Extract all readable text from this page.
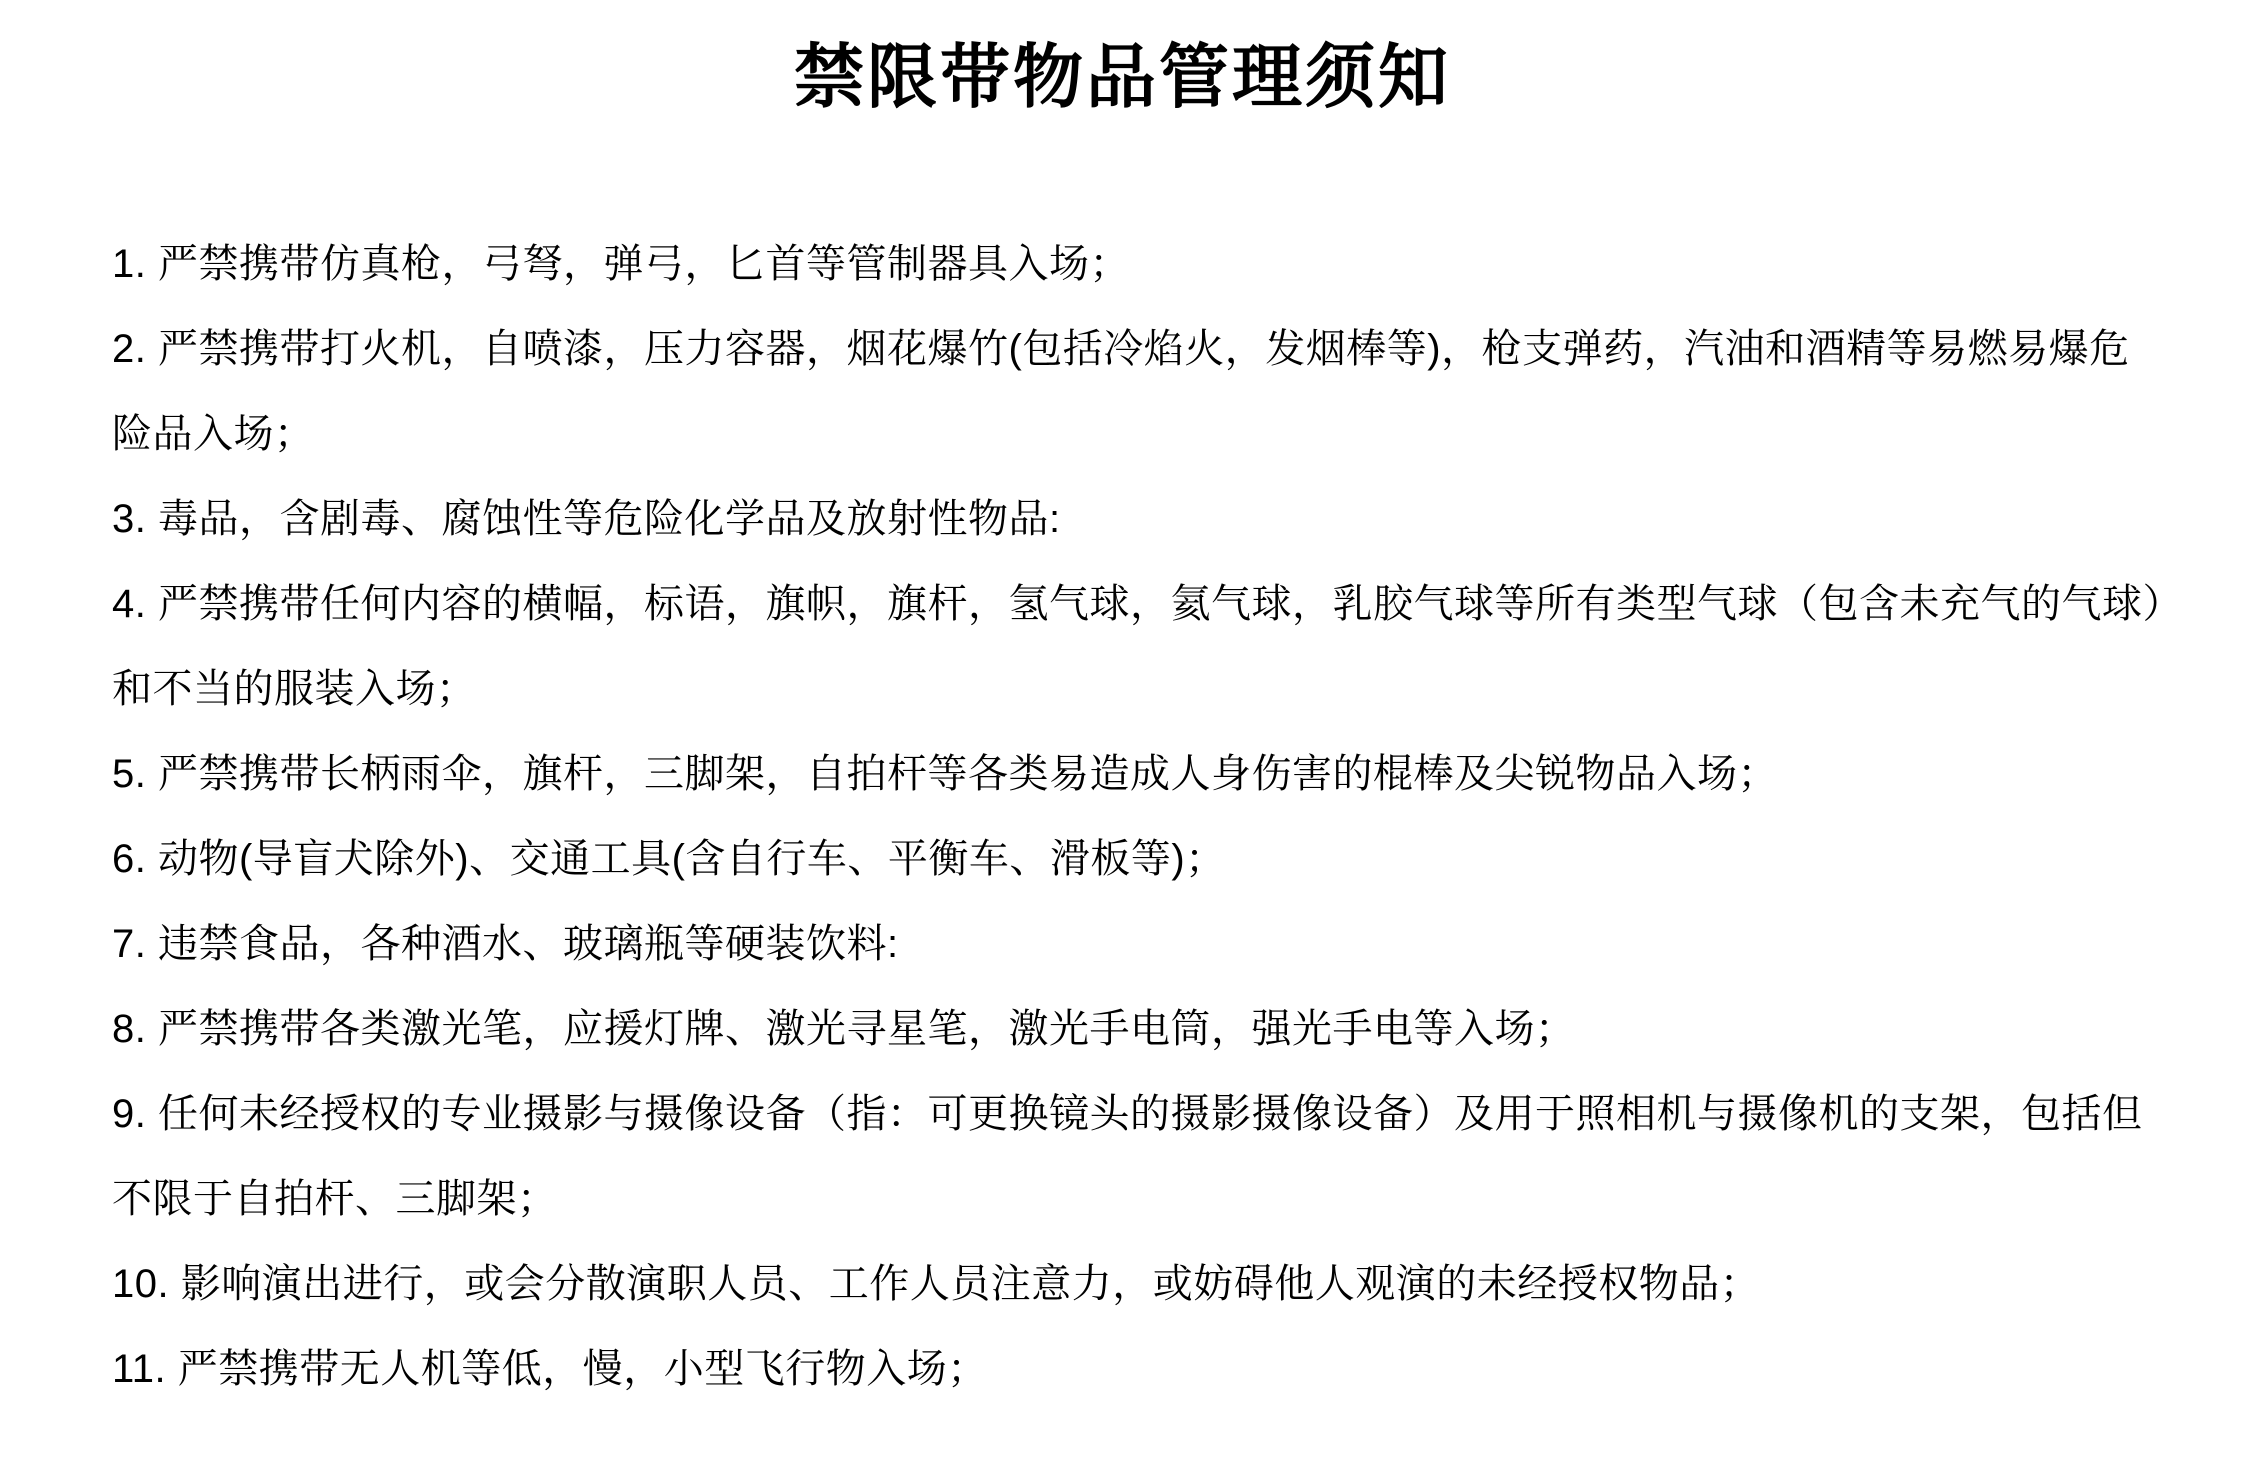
禁限带物品管理须知
1. 严禁携带仿真枪，弓弩，弹弓，匕首等管制器具入场；
2. 严禁携带打火机，自喷漆，压力容器，烟花爆竹(包括冷焰火，发烟棒等)，枪支弹药，汽油和酒精等易燃易爆危
险品入场；
3. 毒品，含剧毒、腐蚀性等危险化学品及放射性物品:
4. 严禁携带任何内容的横幅，标语，旗帜，旗杆，氢气球，氦气球，乳胶气球等所有类型气球（包含未充气的气球）
和不当的服装入场；
5. 严禁携带长柄雨伞，旗杆，三脚架，自拍杆等各类易造成人身伤害的棍棒及尖锐物品入场；
6. 动物(导盲犬除外)、交通工具(含自行车、平衡车、滑板等)；
7. 违禁食品，各种酒水、玻璃瓶等硬装饮料:
8. 严禁携带各类激光笔，应援灯牌、激光寻星笔，激光手电筒，强光手电等入场；
9. 任何未经授权的专业摄影与摄像设备（指：可更换镜头的摄影摄像设备）及用于照相机与摄像机的支架，包括但
不限于自拍杆、三脚架；
10. 影响演出进行，或会分散演职人员、工作人员注意力，或妨碍他人观演的未经授权物品；
11. 严禁携带无人机等低，慢，小型飞行物入场；
